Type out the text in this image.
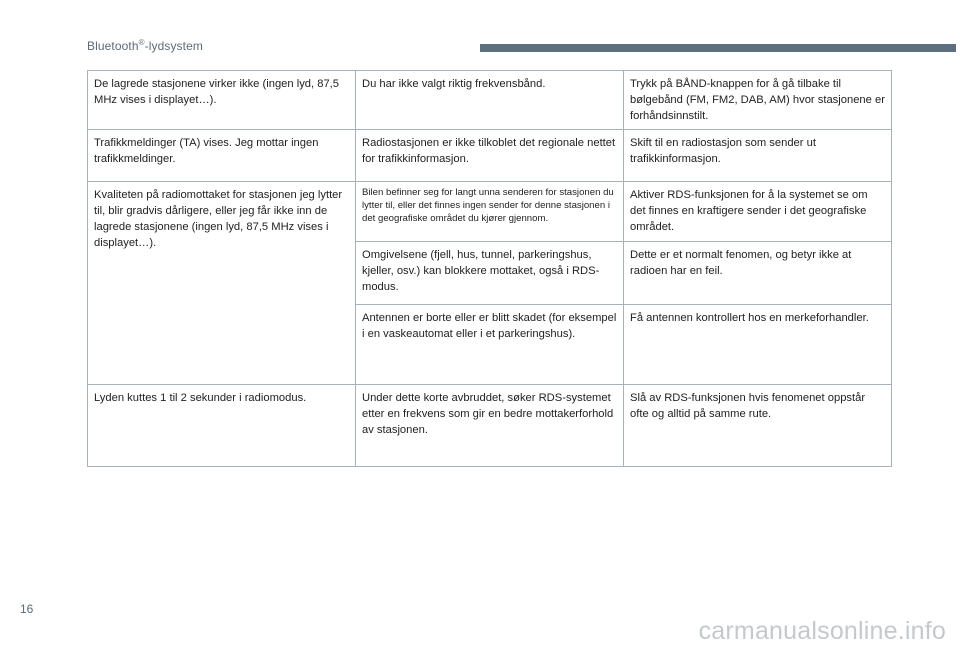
Bluetooth®-lydsystem
De lagrede stasjonene virker ikke (ingen lyd, 87,5 MHz vises i displayet…).	Du har ikke valgt riktig frekvensbånd.	Trykk på BÅND-knappen for å gå tilbake til bølgebånd (FM, FM2, DAB, AM) hvor stasjonene er forhåndsinnstilt.
Trafikkmeldinger (TA) vises. Jeg mottar ingen trafikkmeldinger.	Radiostasjonen er ikke tilkoblet det regionale nettet for trafikkinformasjon.	Skift til en radiostasjon som sender ut trafikkinformasjon.
Kvaliteten på radiomottaket for stasjonen jeg lytter til, blir gradvis dårligere, eller jeg får ikke inn de lagrede stasjonene (ingen lyd, 87,5 MHz vises i displayet…).	Bilen befinner seg for langt unna senderen for stasjonen du lytter til, eller det finnes ingen sender for denne stasjonen i det geografiske området du kjører gjennom.	Aktiver RDS-funksjonen for å la systemet se om det finnes en kraftigere sender i det geografiske området.
	Omgivelsene (fjell, hus, tunnel, parkeringshus, kjeller, osv.) kan blokkere mottaket, også i RDS-modus.	Dette er et normalt fenomen, og betyr ikke at radioen har en feil.
	Antennen er borte eller er blitt skadet (for eksempel i en vaskeautomat eller i et parkeringshus).	Få antennen kontrollert hos en merkeforhandler.
Lyden kuttes 1 til 2 sekunder i radiomodus.	Under dette korte avbruddet, søker RDS-systemet etter en frekvens som gir en bedre mottakerforhold av stasjonen.	Slå av RDS-funksjonen hvis fenomenet oppstår ofte og alltid på samme rute.
16
carmanualsonline.info
